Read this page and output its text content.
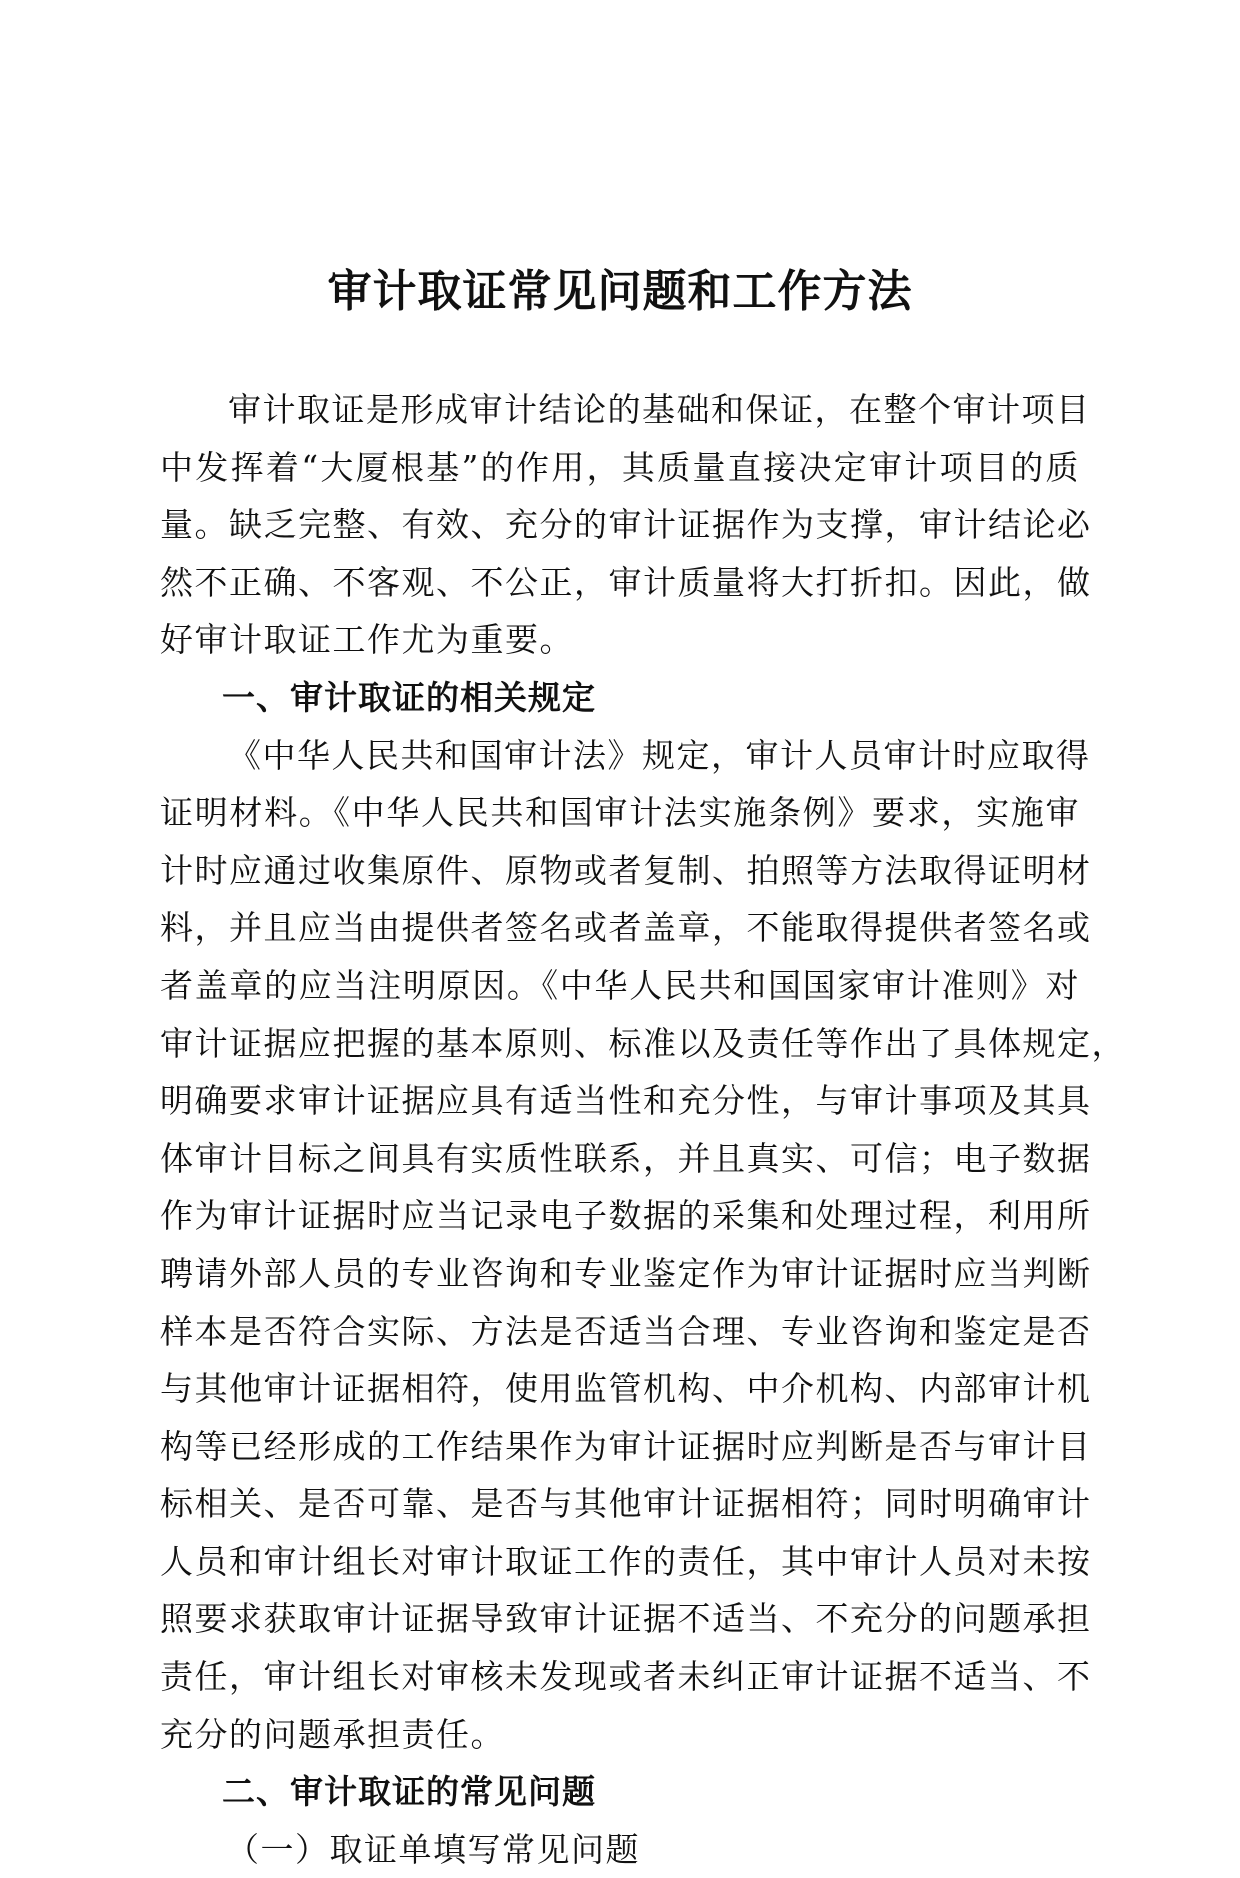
审计取证常见问题和工作方法
审计取证是形成审计结论的基础和保证，在整个审计项目
中发挥着“大厦根基”的作用，其质量直接决定审计项目的质
量。缺乏完整、有效、充分的审计证据作为支撑，审计结论必
然不正确、不客观、不公正，审计质量将大打折扣。因此，做
好审计取证工作尤为重要。
一、审计取证的相关规定
《中华人民共和国审计法》规定，审计人员审计时应取得
证明材料。《中华人民共和国审计法实施条例》要求，实施审
计时应通过收集原件、原物或者复制、拍照等方法取得证明材
料，并且应当由提供者签名或者盖章，不能取得提供者签名或
者盖章的应当注明原因。《中华人民共和国国家审计准则》对
审计证据应把握的基本原则、标准以及责任等作出了具体规定，
明确要求审计证据应具有适当性和充分性，与审计事项及其具
体审计目标之间具有实质性联系，并且真实、可信；电子数据
作为审计证据时应当记录电子数据的采集和处理过程，利用所
聘请外部人员的专业咨询和专业鉴定作为审计证据时应当判断
样本是否符合实际、方法是否适当合理、专业咨询和鉴定是否
与其他审计证据相符，使用监管机构、中介机构、内部审计机
构等已经形成的工作结果作为审计证据时应判断是否与审计目
标相关、是否可靠、是否与其他审计证据相符；同时明确审计
人员和审计组长对审计取证工作的责任，其中审计人员对未按
照要求获取审计证据导致审计证据不适当、不充分的问题承担
责任，审计组长对审核未发现或者未纠正审计证据不适当、不
充分的问题承担责任。
二、审计取证的常见问题
（一）取证单填写常见问题
